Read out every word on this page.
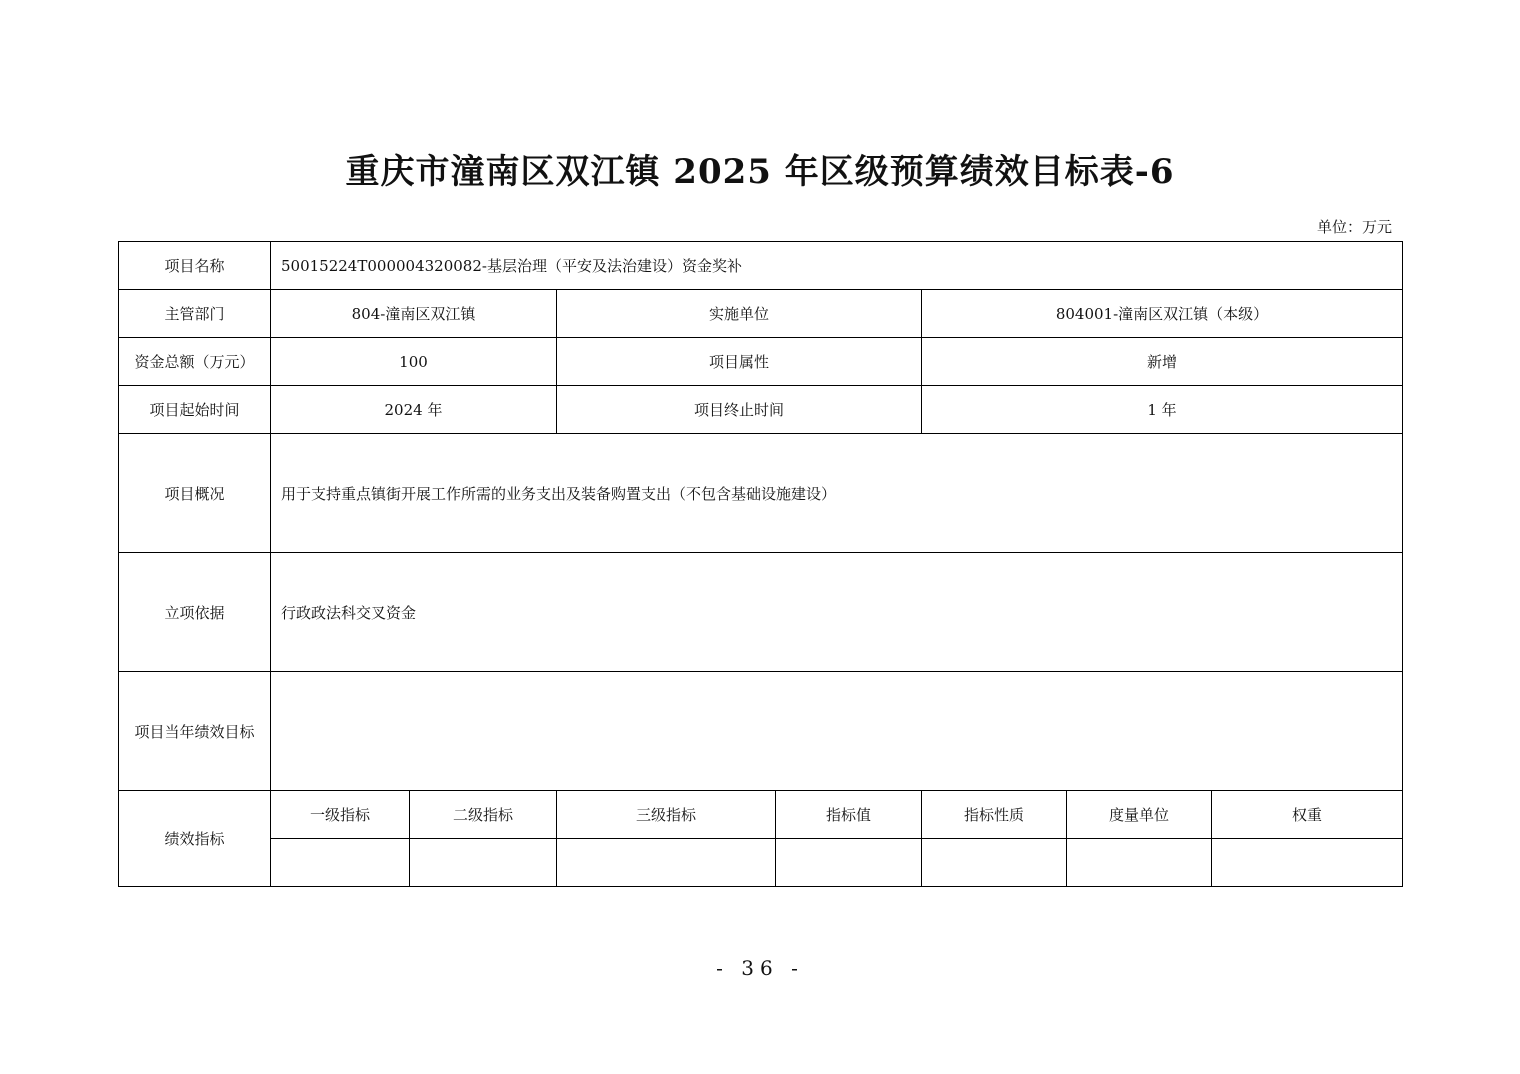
重庆市潼南区双江镇 2025 年区级预算绩效目标表-6
单位：万元
项目名称	50015224T000004320082-基层治理（平安及法治建设）资金奖补						
主管部门	804-潼南区双江镇		实施单位		804001-潼南区双江镇（本级）		
资金总额（万元）	100		项目属性		新增		
项目起始时间	2024 年		项目终止时间		1 年		
项目概况	用于支持重点镇街开展工作所需的业务支出及装备购置支出（不包含基础设施建设）						
立项依据	行政政法科交叉资金						
项目当年绩效目标							
绩效指标	一级指标	二级指标	三级指标	指标值	指标性质	度量单位	权重

- 36 -
